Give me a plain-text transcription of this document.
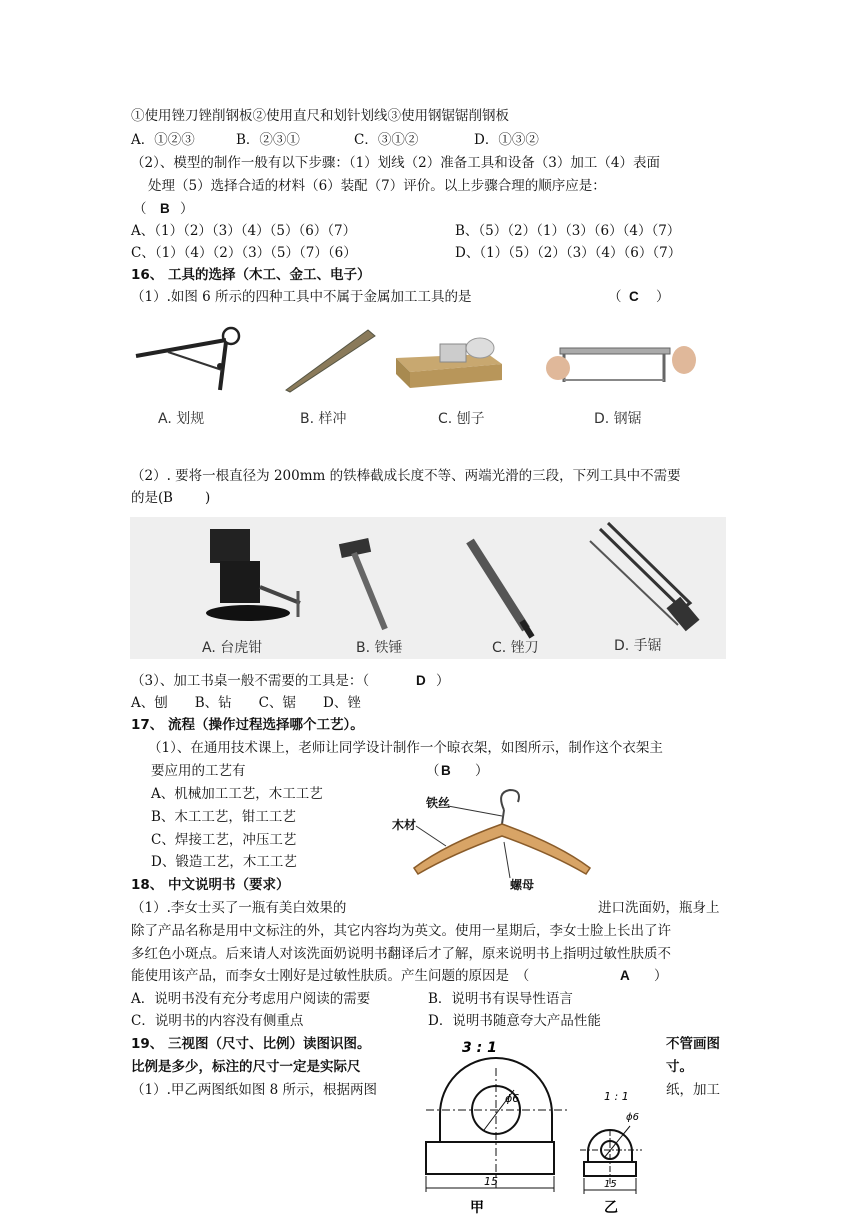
①使用锉刀锉削钢板②使用直尺和划针划线③使用钢锯锯削钢板
A．①②③	B．②③①	C．③①②	D．①③②
（2）、模型的制作一般有以下步骤：（1）划线（2）准备工具和设备（3）加工（4）表面
处理（5）选择合适的材料（6）装配（7）评价。以上步骤合理的顺序应是：
（ B ）
A、（1）（2）（3）（4）（5）（6）（7）	B、（5）（2）（1）（3）（6）（4）（7）
C、（1）（4）（2）（3）（5）（7）（6）	D、（1）（5）（2）（3）（4）（6）（7）
16、 工具的选择（木工、金工、电子）
（1）.如图 6 所示的四种工具中不属于金属加工工具的是	（ C ）
A. 划规	B. 样冲	C. 刨子	D. 钢锯
（2）. 要将一根直径为 200mm 的铁棒截成长度不等、两端光滑的三段，下列工具中不需要
的是( B )
A. 台虎钳	B. 铁锤	C. 锉刀	D. 手锯
（3）、加工书桌一般不需要的工具是：（	D ）
A、刨　　B、钻　　C、锯　　D、锉
17、 流程（操作过程选择哪个工艺）。
（1）、在通用技术课上，老师让同学设计制作一个晾衣架，如图所示，制作这个衣架主
要应用的工艺有	（ B ）
A、机械加工工艺，木工工艺
B、木工工艺，钳工工艺
C、焊接工艺，冲压工艺
D、锻造工艺，木工工艺
铁丝
木材
螺母
18、 中文说明书（要求）
（1）.李女士买了一瓶有美白效果的	进口洗面奶，瓶身上
除了产品名称是用中文标注的外，其它内容均为英文。使用一星期后，李女士脸上长出了许
多红色小斑点。后来请人对该洗面奶说明书翻译后才了解，原来说明书上指明过敏性肤质不
能使用该产品，而李女士刚好是过敏性肤质。产生问题的原因是　（	A ）
A．说明书没有充分考虑用户阅读的需要	B．说明书有误导性语言
C．说明书的内容没有侧重点	D．说明书随意夸大产品性能
19、 三视图（尺寸、比例）读图识图。	不管画图
比例是多少，标注的尺寸一定是实际尺	寸。
（1）.甲乙两图纸如图 8 所示，根据两图	纸，加工
3 : 1
1 : 1
ϕ6
ϕ6
15	15
甲	乙
